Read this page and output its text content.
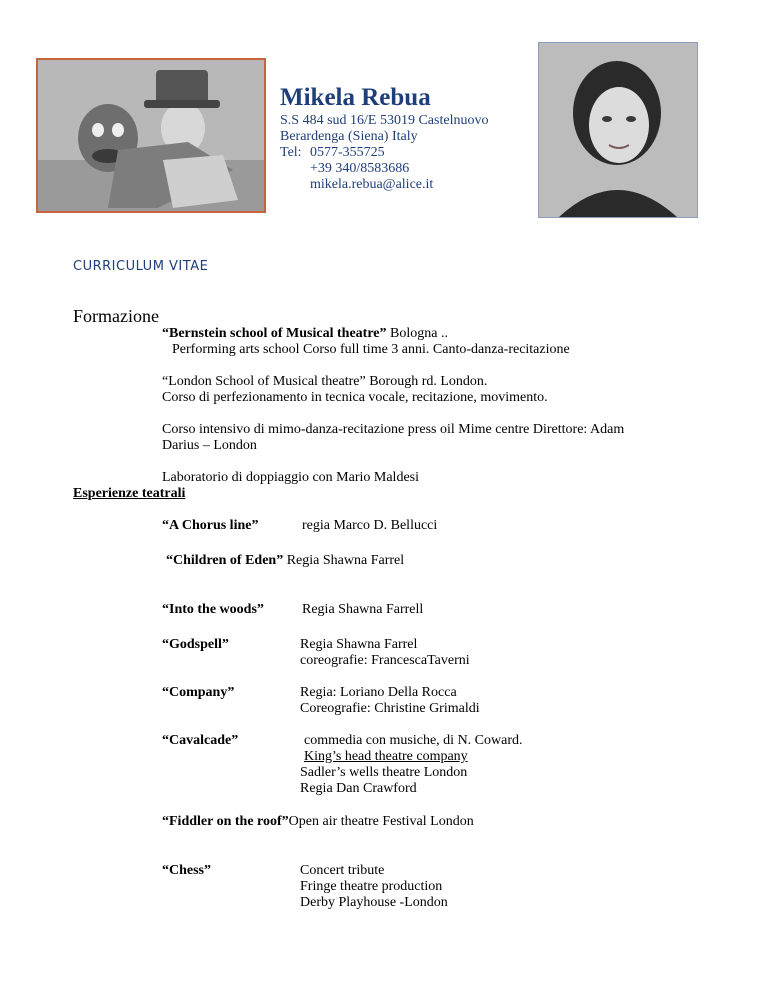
Mikela Rebua
S.S 484 sud 16/E 53019 Castelnuovo
Berardenga (Siena) Italy
Tel: 0577-355725
+39 340/8583686
mikela.rebua@alice.it
CURRICULUM VITAE
Formazione
“Bernstein school of Musical theatre” Bologna ..
Performing arts school Corso full time 3 anni. Canto-danza-recitazione
“London School of Musical theatre” Borough rd. London.
Corso di perfezionamento in tecnica vocale, recitazione, movimento.
Corso intensivo di mimo-danza-recitazione press oil Mime centre Direttore: Adam
Darius – London
Laboratorio di doppiaggio con Mario Maldesi
Esperienze teatrali
“A Chorus line”	regia Marco D. Bellucci
“Children of Eden” Regia Shawna Farrel
“Into the woods”	Regia Shawna Farrell
“Godspell”	Regia Shawna Farrel
coreografie: FrancescaTaverni
“Company”	Regia: Loriano Della Rocca
Coreografie: Christine Grimaldi
“Cavalcade”	commedia con musiche, di N. Coward.
King’s head theatre company
Sadler’s wells theatre London
Regia Dan Crawford
“Fiddler on the roof”Open air theatre Festival London
“Chess”	Concert tribute
Fringe theatre production
Derby Playhouse -London
